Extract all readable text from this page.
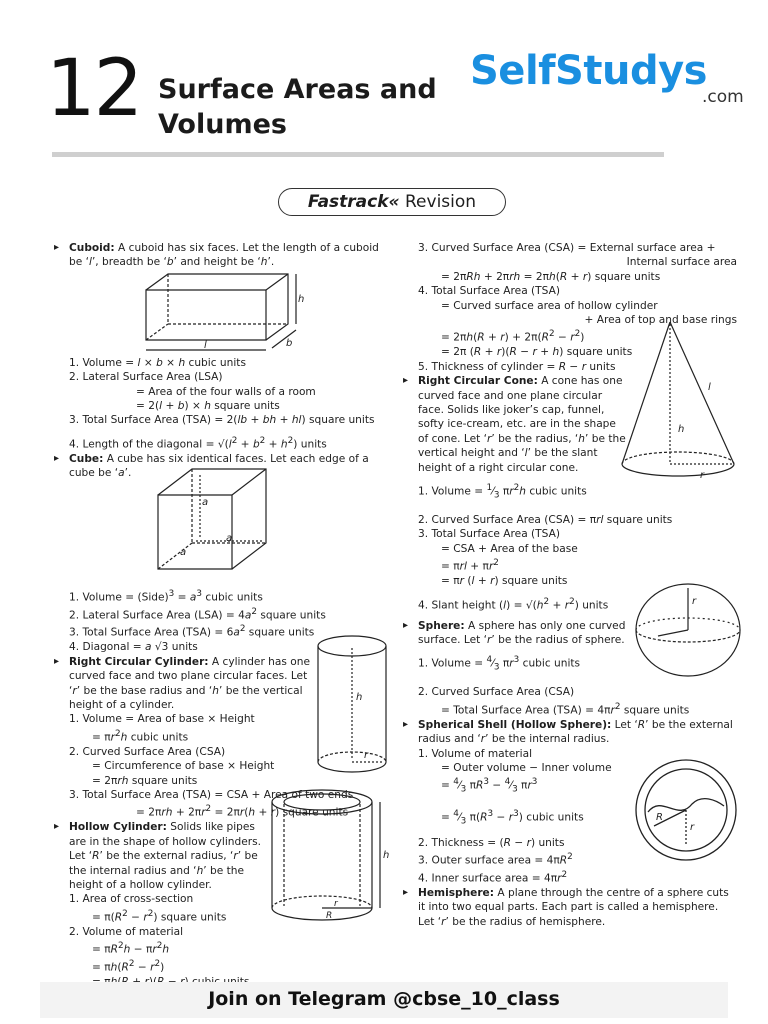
12 Surface Areas and
Volumes
SelfStudys
.com
Fastrack« Revision
▸ Cuboid: A cuboid has six faces. Let the length of a cuboid be ‘l’, breadth be ‘b’ and height be ‘h’.
1. Volume = l × b × h cubic units
2. Lateral Surface Area (LSA)
= Area of the four walls of a room
= 2(l + b) × h square units
3. Total Surface Area (TSA) = 2(lb + bh + hl) square units
4. Length of the diagonal = $√(l^2 + b^2 + h^2)$ units
▸ Cube: A cube has six identical faces. Let each edge of a cube be ‘a’.
1. Volume = (Side)$^3$ = $a^3$ cubic units
2. Lateral Surface Area $(LSA) = 4a^2$ square units
3. Total Surface Area $(TSA) = 6a^2$ square units
4. Diagonal = a √3 units
▸ Right Circular Cylinder: A cylinder has one curved face and two plane circular faces. Let ‘r’ be the base radius and ‘h’ be the vertical height of a cylinder.
1. Volume = Area of base × Height
= $\pi r^2h$ cubic units
2. Curved Surface Area (CSA)
= Circumference of base × Height
= 2πrh square units
3. Total Surface Area (TSA) = CSA + Area of two ends
= $2\pi rh + 2\pi r^2 = 2\pi r(h + r)$ square units
▸ Hollow Cylinder: Solids like pipes are in the shape of hollow cylinders. Let ‘R’ be the external radius, ‘r’ be the internal radius and ‘h’ be the height of a hollow cylinder.
1. Area of cross-section
= $\pi(R^2 - r^2)$ square units
2. Volume of material
= $\pi R^2h - \pi r^2h$
= $\pi h(R^2 - r^2)$
3. Curved Surface Area (CSA) = External surface area +
Internal surface area
= 2πRh + 2πrh = 2πh(R + r) square units
4. Total Surface Area (TSA)
= Curved surface area of hollow cylinder
+ Area of top and base rings
= $2\pi h(R + r) + 2\pi(R^2 - r^2)$
= 2π (R + r)(R − r + h) square units
5. Thickness of cylinder = R − r units
▸ Right Circular Cone: A cone has one curved face and one plane circular face. Solids like joker’s cap, funnel, softy ice-cream, etc. are in the shape of cone. Let ‘r’ be the radius, ‘h’ be the vertical height and ‘l’ be the slant height of a right circular cone.
1. Volume = $^1⁄_3$ $\pi r^2h$ cubic units
2. Curved Surface Area (CSA) = πrl square units
3. Total Surface Area (TSA)
= CSA + Area of the base
= $\pi rl + \pi r^2$
= πr (l + r) square units
4. Slant height $(l) = √(h^2 + r^2)$ units
▸ Sphere: A sphere has only one curved surface. Let ‘r’ be the radius of sphere.
1. Volume = $^4⁄_3$ $\pi r^3$ cubic units
2. Curved Surface Area (CSA)
= Total Surface Area $(TSA) = 4\pi r^2$ square units
▸ Spherical Shell (Hollow Sphere): Let ‘R’ be the external radius and ‘r’ be the internal radius.
1. Volume of material
= Outer volume − Inner volume
= $^4⁄_3$ $\pi R^3$ − $^4⁄_3$ $\pi r^3$
= $^4⁄_3$ $\pi(R^3 - r^3)$ cubic units
2. Thickness = (R − r) units
3. Outer surface area = $4\pi R^2$
4. Inner surface area = $4\pi r^2$
▸ Hemisphere: A plane through the centre of a sphere cuts it into two equal parts. Each part is called a hemisphere. Let ‘r’ be the radius of hemisphere.
h
b
l
a
a
a
h
r
h
r
R
l
h
r
r
R
r
Join on Telegram @cbse_10_class
